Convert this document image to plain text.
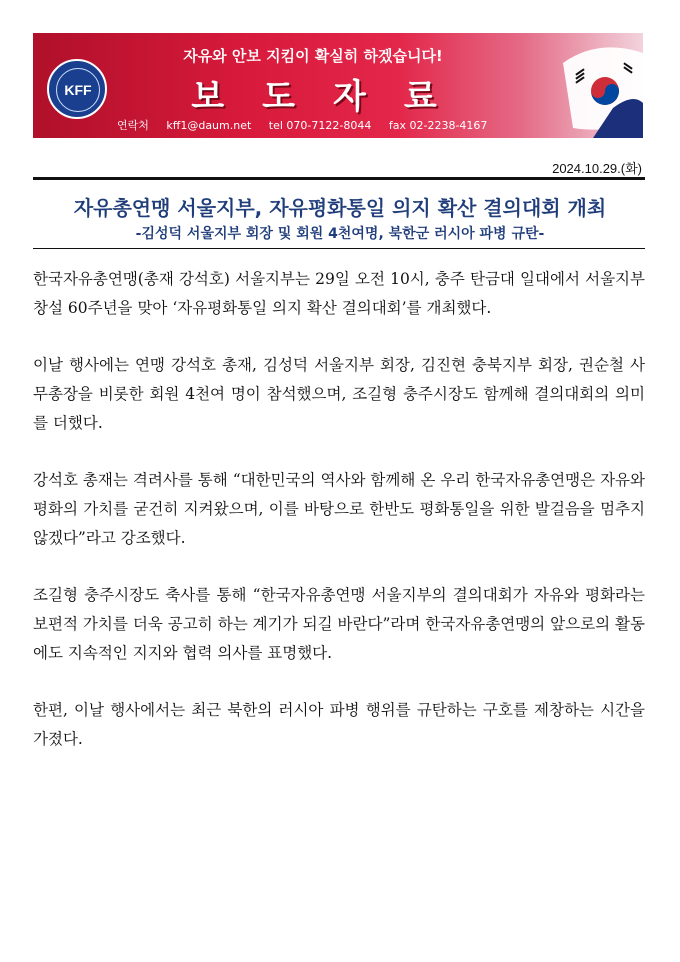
KFF
자유와 안보 지킴이 확실히 하겠습니다!
보도자료
연락처 kff1@daum.net tel 070-7122-8044 fax 02-2238-4167
2024.10.29.(화)
자유총연맹 서울지부, 자유평화통일 의지 확산 결의대회 개최
-김성덕 서울지부 회장 및 회원 4천여명, 북한군 러시아 파병 규탄-

한국자유총연맹(총재 강석호) 서울지부는 29일 오전 10시, 충주 탄금대 일대에서 서울지부 창설 60주년을 맞아 ‘자유평화통일 의지 확산 결의대회’를 개최했다.

이날 행사에는 연맹 강석호 총재, 김성덕 서울지부 회장, 김진현 충북지부 회장, 권순철 사무총장을 비롯한 회원 4천여 명이 참석했으며, 조길형 충주시장도 함께해 결의대회의 의미를 더했다.

강석호 총재는 격려사를 통해 “대한민국의 역사와 함께해 온 우리 한국자유총연맹은 자유와 평화의 가치를 굳건히 지켜왔으며, 이를 바탕으로 한반도 평화통일을 위한 발걸음을 멈추지 않겠다”라고 강조했다.

조길형 충주시장도 축사를 통해 “한국자유총연맹 서울지부의 결의대회가 자유와 평화라는 보편적 가치를 더욱 공고히 하는 계기가 되길 바란다”라며 한국자유총연맹의 앞으로의 활동에도 지속적인 지지와 협력 의사를 표명했다.

한편, 이날 행사에서는 최근 북한의 러시아 파병 행위를 규탄하는 구호를 제창하는 시간을 가졌다.
